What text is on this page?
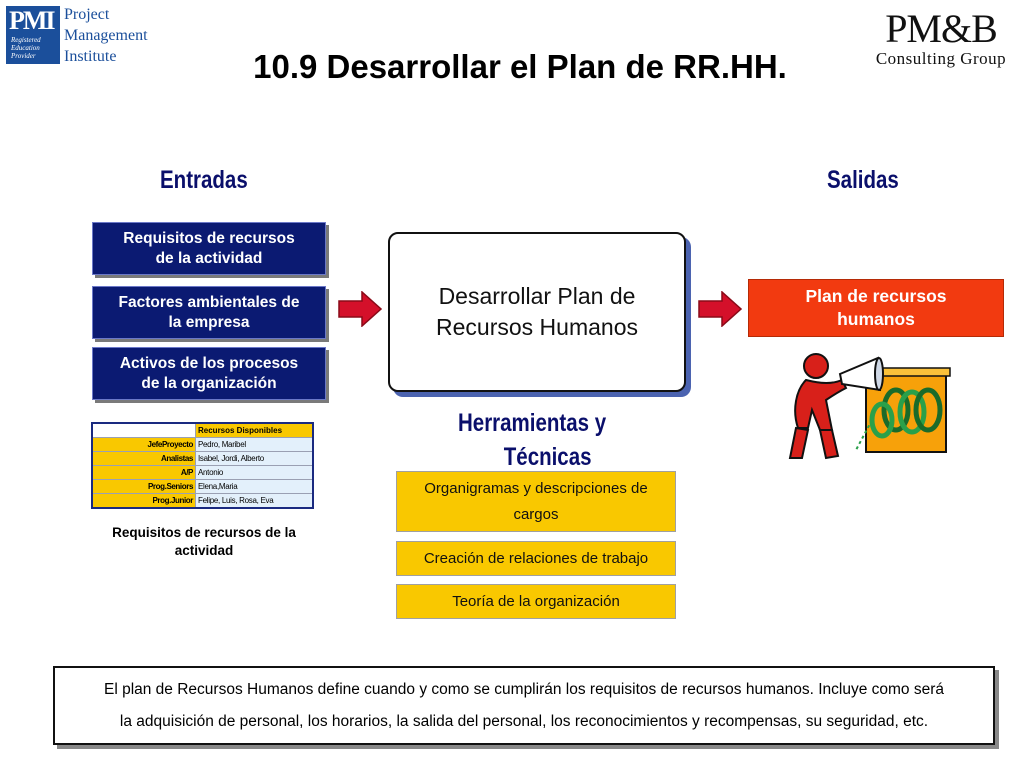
PMI
Registered
Education
Provider
Project
Management
Institute
PM&B
Consulting Group
10.9 Desarrollar el Plan de RR.HH.
Entradas	Salidas
Requisitos de recursos
de la actividad
Factores ambientales de
la empresa
Activos de los procesos
de la organización
Desarrollar Plan de
Recursos Humanos
Plan de recursos
humanos
Herramientas y
Técnicas
Organigramas y descripciones de
cargos
Creación de relaciones de trabajo
Teoría de la organización
	Recursos Disponibles
JefeProyecto	Pedro, Maribel
Analistas	Isabel, Jordi, Alberto
A/P	Antonio
Prog.Seniors	Elena,Maria
Prog.Junior	Felipe, Luis, Rosa, Eva
Requisitos de recursos de la
actividad
El plan de Recursos Humanos define cuando y como se cumplirán los requisitos de recursos humanos. Incluye como será
la adquisición de personal, los horarios, la salida del personal, los reconocimientos y recompensas, su seguridad, etc.
